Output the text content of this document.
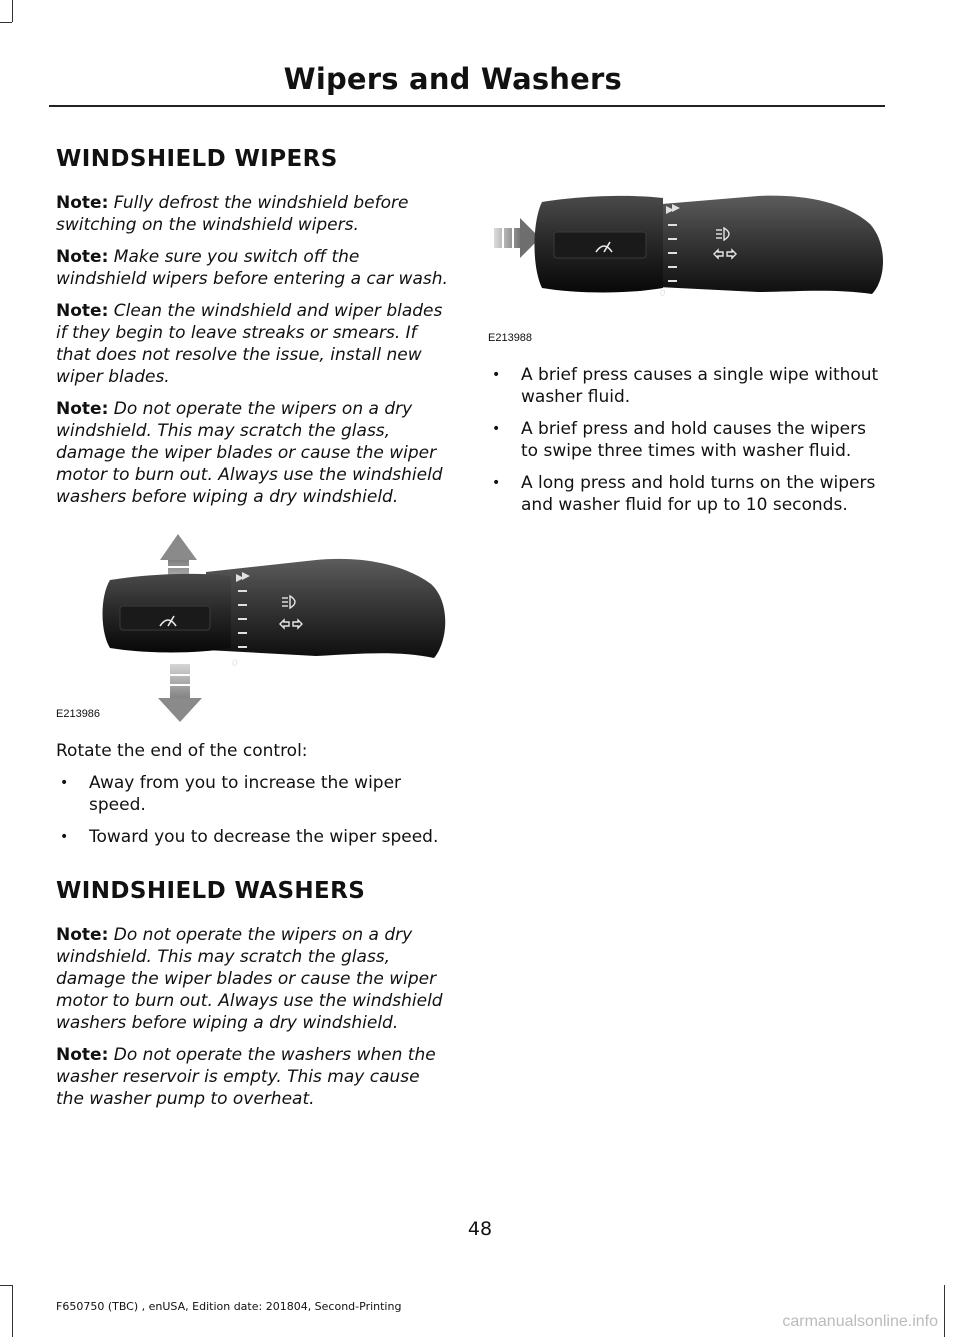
Wipers and Washers
WINDSHIELD WIPERS

Note: Fully defrost the windshield before switching on the windshield wipers.

Note: Make sure you switch off the windshield wipers before entering a car wash.

Note: Clean the windshield and wiper blades if they begin to leave streaks or smears. If that does not resolve the issue, install new wiper blades.

Note: Do not operate the wipers on a dry windshield. This may scratch the glass, damage the wiper blades or cause the wiper motor to burn out. Always use the windshield washers before wiping a dry windshield.

0
E213986

Rotate the end of the control:

• Away from you to increase the wiper speed.
• Toward you to decrease the wiper speed.
WINDSHIELD WASHERS

Note: Do not operate the wipers on a dry windshield. This may scratch the glass, damage the wiper blades or cause the wiper motor to burn out. Always use the windshield washers before wiping a dry windshield.

Note: Do not operate the washers when the washer reservoir is empty. This may cause the washer pump to overheat.

0
E213988
• A brief press causes a single wipe without washer fluid.
• A brief press and hold causes the wipers to swipe three times with washer fluid.
• A long press and hold turns on the wipers and washer fluid for up to 10 seconds.
48
F650750 (TBC) , enUSA, Edition date: 201804, Second-Printing
carmanualsonline.info
